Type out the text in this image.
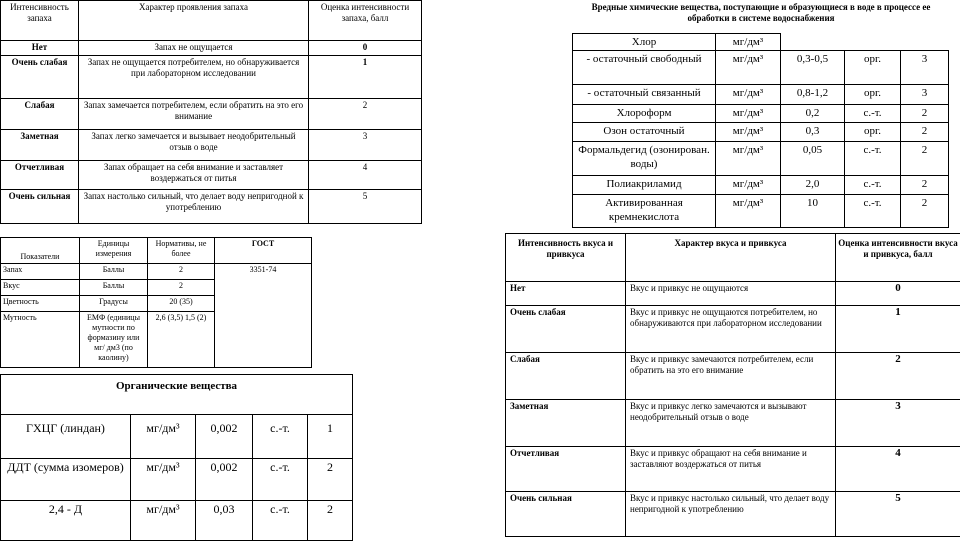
Интенсивность запаха	Характер проявления запаха	Оценка интенсивности запаха, балл
Нет	Запах не ощущается	0
Очень слабая	Запах не ощущается потребителем, но обнаруживается при лабораторном исследовании	1
Слабая	Запах замечается потребителем, если обратить на это его внимание	2
Заметная	Запах легко замечается и вызывает неодобрительный отзыв о воде	3
Отчетливая	Запах обращает на себя внимание и заставляет воздержаться от питья	4
Очень сильная	Запах настолько сильный, что делает воду непригодной к употреблению	5
Показатели	Единицы измерения	Нормативы, не более	ГОСТ
Запах	Баллы	2	3351-74
Вкус	Баллы	2	
Цветность	Градусы	20 (35)	
Мутность	ЕМФ (единицы мутности по формазину или мг/ дм3 (по каолину)	2,6 (3,5) 1,5 (2)	
Органические вещества				
ГХЦГ (линдан)	мг/дм³	0,002	с.-т.	1
ДДТ (сумма изомеров)	мг/дм³	0,002	с.-т.	2
2,4 - Д	мг/дм³	0,03	с.-т.	2
Вредные химические вещества, поступающие и образующиеся в воде в процессе ее обработки в системе водоснабжения
Хлор	мг/дм³			
- остаточный свободный	мг/дм³	0,3-0,5	орг.	3
- остаточный связанный	мг/дм³	0,8-1,2	орг.	3
Хлороформ	мг/дм³	0,2	с.-т.	2
Озон остаточный	мг/дм³	0,3	орг.	2
Формальдегид (озонирован. воды)	мг/дм³	0,05	с.-т.	2
Полиакриламид	мг/дм³	2,0	с.-т.	2
Активированная кремнекислота	мг/дм³	10	с.-т.	2
Интенсивность вкуса и привкуса	Характер вкуса и привкуса	Оценка интенсивности вкуса и привкуса, балл
Нет	Вкус и привкус не ощущаются	0
Очень слабая	Вкус и привкус не ощущаются потребителем, но обнаруживаются при лабораторном исследовании	1
Слабая	Вкус и привкус замечаются потребителем, если обратить на это его внимание	2
Заметная	Вкус и привкус легко замечаются и вызывают неодобрительный отзыв о воде	3
Отчетливая	Вкус и привкус обращают на себя внимание и заставляют воздержаться от питья	4
Очень сильная	Вкус и привкус настолько сильный, что делает воду непригодной к употреблению	5
